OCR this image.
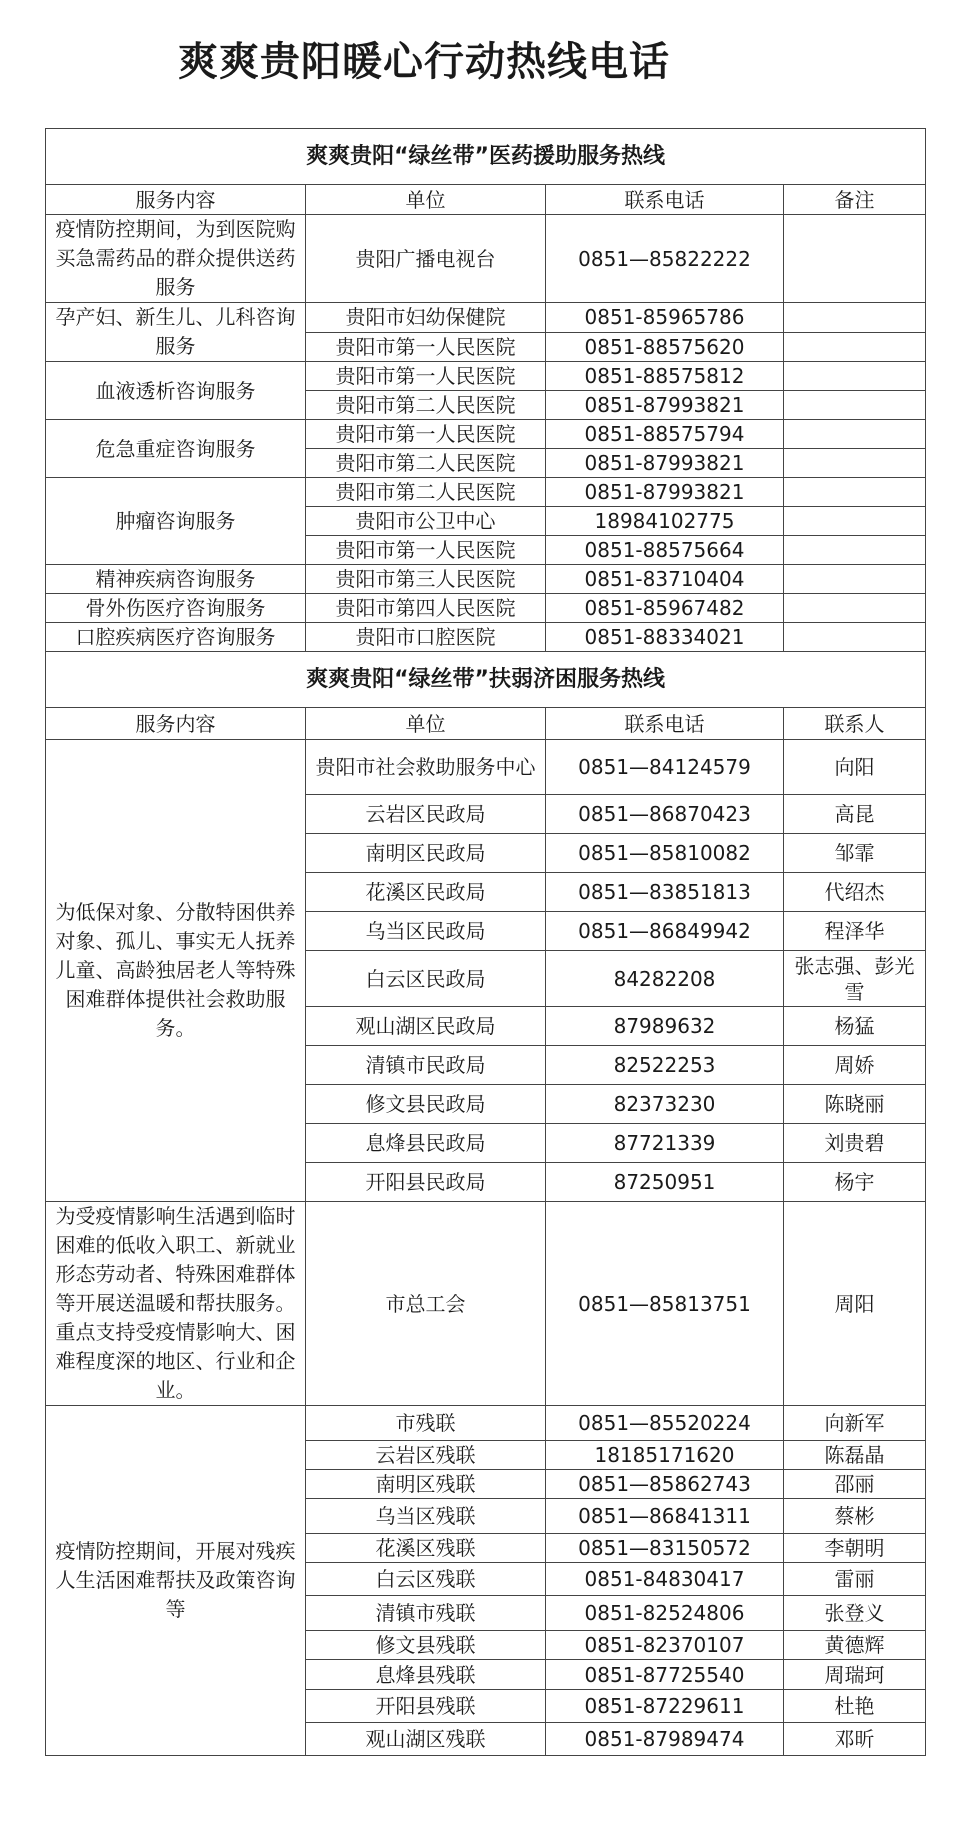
爽爽贵阳暖心行动热线电话
爽爽贵阳“绿丝带”医药援助服务热线			
服务内容	单位	联系电话	备注
疫情防控期间，为到医院购买急需药品的群众提供送药服务	贵阳广播电视台	0851—85822222	
孕产妇、新生儿、儿科咨询服务	贵阳市妇幼保健院	0851-85965786	
	贵阳市第一人民医院	0851-88575620	
血液透析咨询服务	贵阳市第一人民医院	0851-88575812	
	贵阳市第二人民医院	0851-87993821	
危急重症咨询服务	贵阳市第一人民医院	0851-88575794	
	贵阳市第二人民医院	0851-87993821	
肿瘤咨询服务	贵阳市第二人民医院	0851-87993821	
	贵阳市公卫中心	18984102775	
	贵阳市第一人民医院	0851-88575664	
精神疾病咨询服务	贵阳市第三人民医院	0851-83710404	
骨外伤医疗咨询服务	贵阳市第四人民医院	0851-85967482	
口腔疾病医疗咨询服务	贵阳市口腔医院	0851-88334021	
爽爽贵阳“绿丝带”扶弱济困服务热线			
服务内容	单位	联系电话	联系人
为低保对象、分散特困供养对象、孤儿、事实无人抚养儿童、高龄独居老人等特殊困难群体提供社会救助服务。	贵阳市社会救助服务中心	0851—84124579	向阳
	云岩区民政局	0851—86870423	高昆
	南明区民政局	0851—85810082	邹霏
	花溪区民政局	0851—83851813	代绍杰
	乌当区民政局	0851—86849942	程泽华
	白云区民政局	84282208	张志强、彭光雪
	观山湖区民政局	87989632	杨猛
	清镇市民政局	82522253	周娇
	修文县民政局	82373230	陈晓丽
	息烽县民政局	87721339	刘贵碧
	开阳县民政局	87250951	杨宇
为受疫情影响生活遇到临时困难的低收入职工、新就业形态劳动者、特殊困难群体等开展送温暖和帮扶服务。重点支持受疫情影响大、困难程度深的地区、行业和企业。	市总工会	0851—85813751	周阳
疫情防控期间，开展对残疾人生活困难帮扶及政策咨询等	市残联	0851—85520224	向新军
	云岩区残联	18185171620	陈磊晶
	南明区残联	0851—85862743	邵丽
	乌当区残联	0851—86841311	蔡彬
	花溪区残联	0851—83150572	李朝明
	白云区残联	0851-84830417	雷丽
	清镇市残联	0851-82524806	张登义
	修文县残联	0851-82370107	黄德辉
	息烽县残联	0851-87725540	周瑞珂
	开阳县残联	0851-87229611	杜艳
	观山湖区残联	0851-87989474	邓昕
